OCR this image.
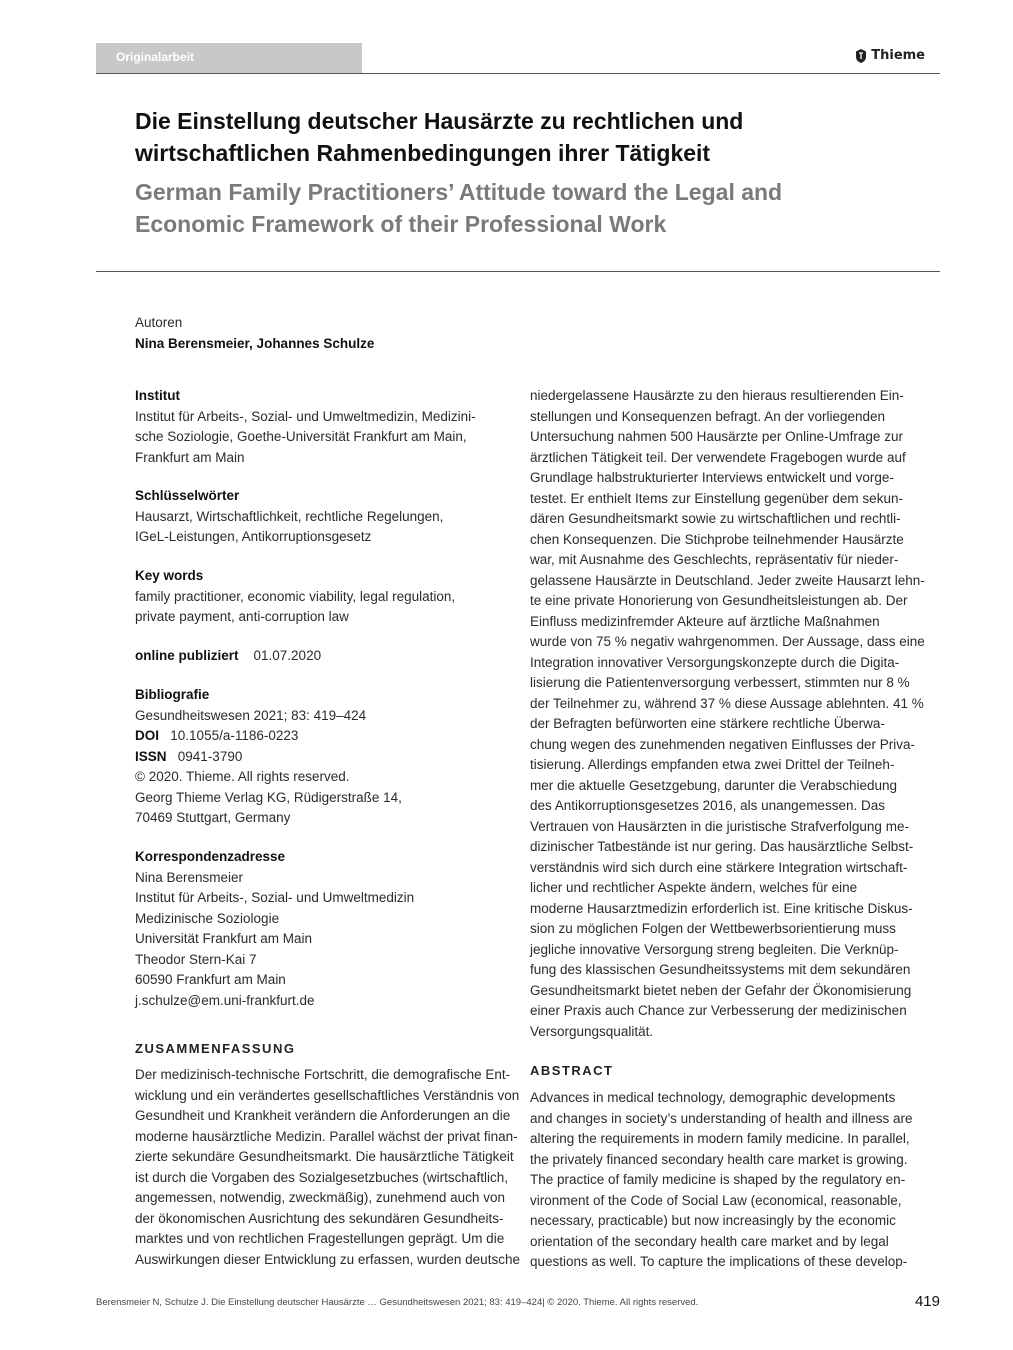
Originalarbeit	Thieme
Die Einstellung deutscher Hausärzte zu rechtlichen und
wirtschaftlichen Rahmenbedingungen ihrer Tätigkeit
German Family Practitioners’ Attitude toward the Legal and
Economic Framework of their Professional Work
Autoren
Nina Berensmeier, Johannes Schulze
Institut
Institut für Arbeits-, Sozial- und Umweltmedizin, Medizini-
sche Soziologie, Goethe-Universität Frankfurt am Main,
Frankfurt am Main
Schlüsselwörter
Hausarzt, Wirtschaftlichkeit, rechtliche Regelungen,
IGeL-Leistungen, Antikorruptionsgesetz
Key words
family practitioner, economic viability, legal regulation,
private payment, anti-corruption law
online publiziert 01.07.2020
Bibliografie
Gesundheitswesen 2021; 83: 419–424
DOI 10.1055/a-1186-0223
ISSN 0941-3790
© 2020. Thieme. All rights reserved.
Georg Thieme Verlag KG, Rüdigerstraße 14,
70469 Stuttgart, Germany
Korrespondenzadresse
Nina Berensmeier
Institut für Arbeits-, Sozial- und Umweltmedizin
Medizinische Soziologie
Universität Frankfurt am Main
Theodor Stern-Kai 7
60590 Frankfurt am Main
j.schulze@em.uni-frankfurt.de
ZUSAMMENFASSUNG
Der medizinisch-technische Fortschritt, die demografische Ent-
wicklung und ein verändertes gesellschaftliches Verständnis von
Gesundheit und Krankheit verändern die Anforderungen an die
moderne hausärztliche Medizin. Parallel wächst der privat finan-
zierte sekundäre Gesundheitsmarkt. Die hausärztliche Tätigkeit
ist durch die Vorgaben des Sozialgesetzbuches (wirtschaftlich,
angemessen, notwendig, zweckmäßig), zunehmend auch von
der ökonomischen Ausrichtung des sekundären Gesundheits-
marktes und von rechtlichen Fragestellungen geprägt. Um die
Auswirkungen dieser Entwicklung zu erfassen, wurden deutsche
niedergelassene Hausärzte zu den hieraus resultierenden Ein-
stellungen und Konsequenzen befragt. An der vorliegenden
Untersuchung nahmen 500 Hausärzte per Online-Umfrage zur
ärztlichen Tätigkeit teil. Der verwendete Fragebogen wurde auf
Grundlage halbstrukturierter Interviews entwickelt und vorge-
testet. Er enthielt Items zur Einstellung gegenüber dem sekun-
dären Gesundheitsmarkt sowie zu wirtschaftlichen und rechtli-
chen Konsequenzen. Die Stichprobe teilnehmender Hausärzte
war, mit Ausnahme des Geschlechts, repräsentativ für nieder-
gelassene Hausärzte in Deutschland. Jeder zweite Hausarzt lehn-
te eine private Honorierung von Gesundheitsleistungen ab. Der
Einfluss medizinfremder Akteure auf ärztliche Maßnahmen
wurde von 75 % negativ wahrgenommen. Der Aussage, dass eine
Integration innovativer Versorgungskonzepte durch die Digita-
lisierung die Patientenversorgung verbessert, stimmten nur 8 %
der Teilnehmer zu, während 37 % diese Aussage ablehnten. 41 %
der Befragten befürworten eine stärkere rechtliche Überwa-
chung wegen des zunehmenden negativen Einflusses der Priva-
tisierung. Allerdings empfanden etwa zwei Drittel der Teilneh-
mer die aktuelle Gesetzgebung, darunter die Verabschiedung
des Antikorruptionsgesetzes 2016, als unangemessen. Das
Vertrauen von Hausärzten in die juristische Strafverfolgung me-
dizinischer Tatbestände ist nur gering. Das hausärztliche Selbst-
verständnis wird sich durch eine stärkere Integration wirtschaft-
licher und rechtlicher Aspekte ändern, welches für eine
moderne Hausarztmedizin erforderlich ist. Eine kritische Diskus-
sion zu möglichen Folgen der Wettbewerbsorientierung muss
jegliche innovative Versorgung streng begleiten. Die Verknüp-
fung des klassischen Gesundheitssystems mit dem sekundären
Gesundheitsmarkt bietet neben der Gefahr der Ökonomisierung
einer Praxis auch Chance zur Verbesserung der medizinischen
Versorgungsqualität.
ABSTRACT
Advances in medical technology, demographic developments
and changes in society’s understanding of health and illness are
altering the requirements in modern family medicine. In parallel,
the privately financed secondary health care market is growing.
The practice of family medicine is shaped by the regulatory en-
vironment of the Code of Social Law (economical, reasonable,
necessary, practicable) but now increasingly by the economic
orientation of the secondary health care market and by legal
questions as well. To capture the implications of these develop-
Berensmeier N, Schulze J. Die Einstellung deutscher Hausärzte … Gesundheitswesen 2021; 83: 419–424| © 2020. Thieme. All rights reserved.	419
